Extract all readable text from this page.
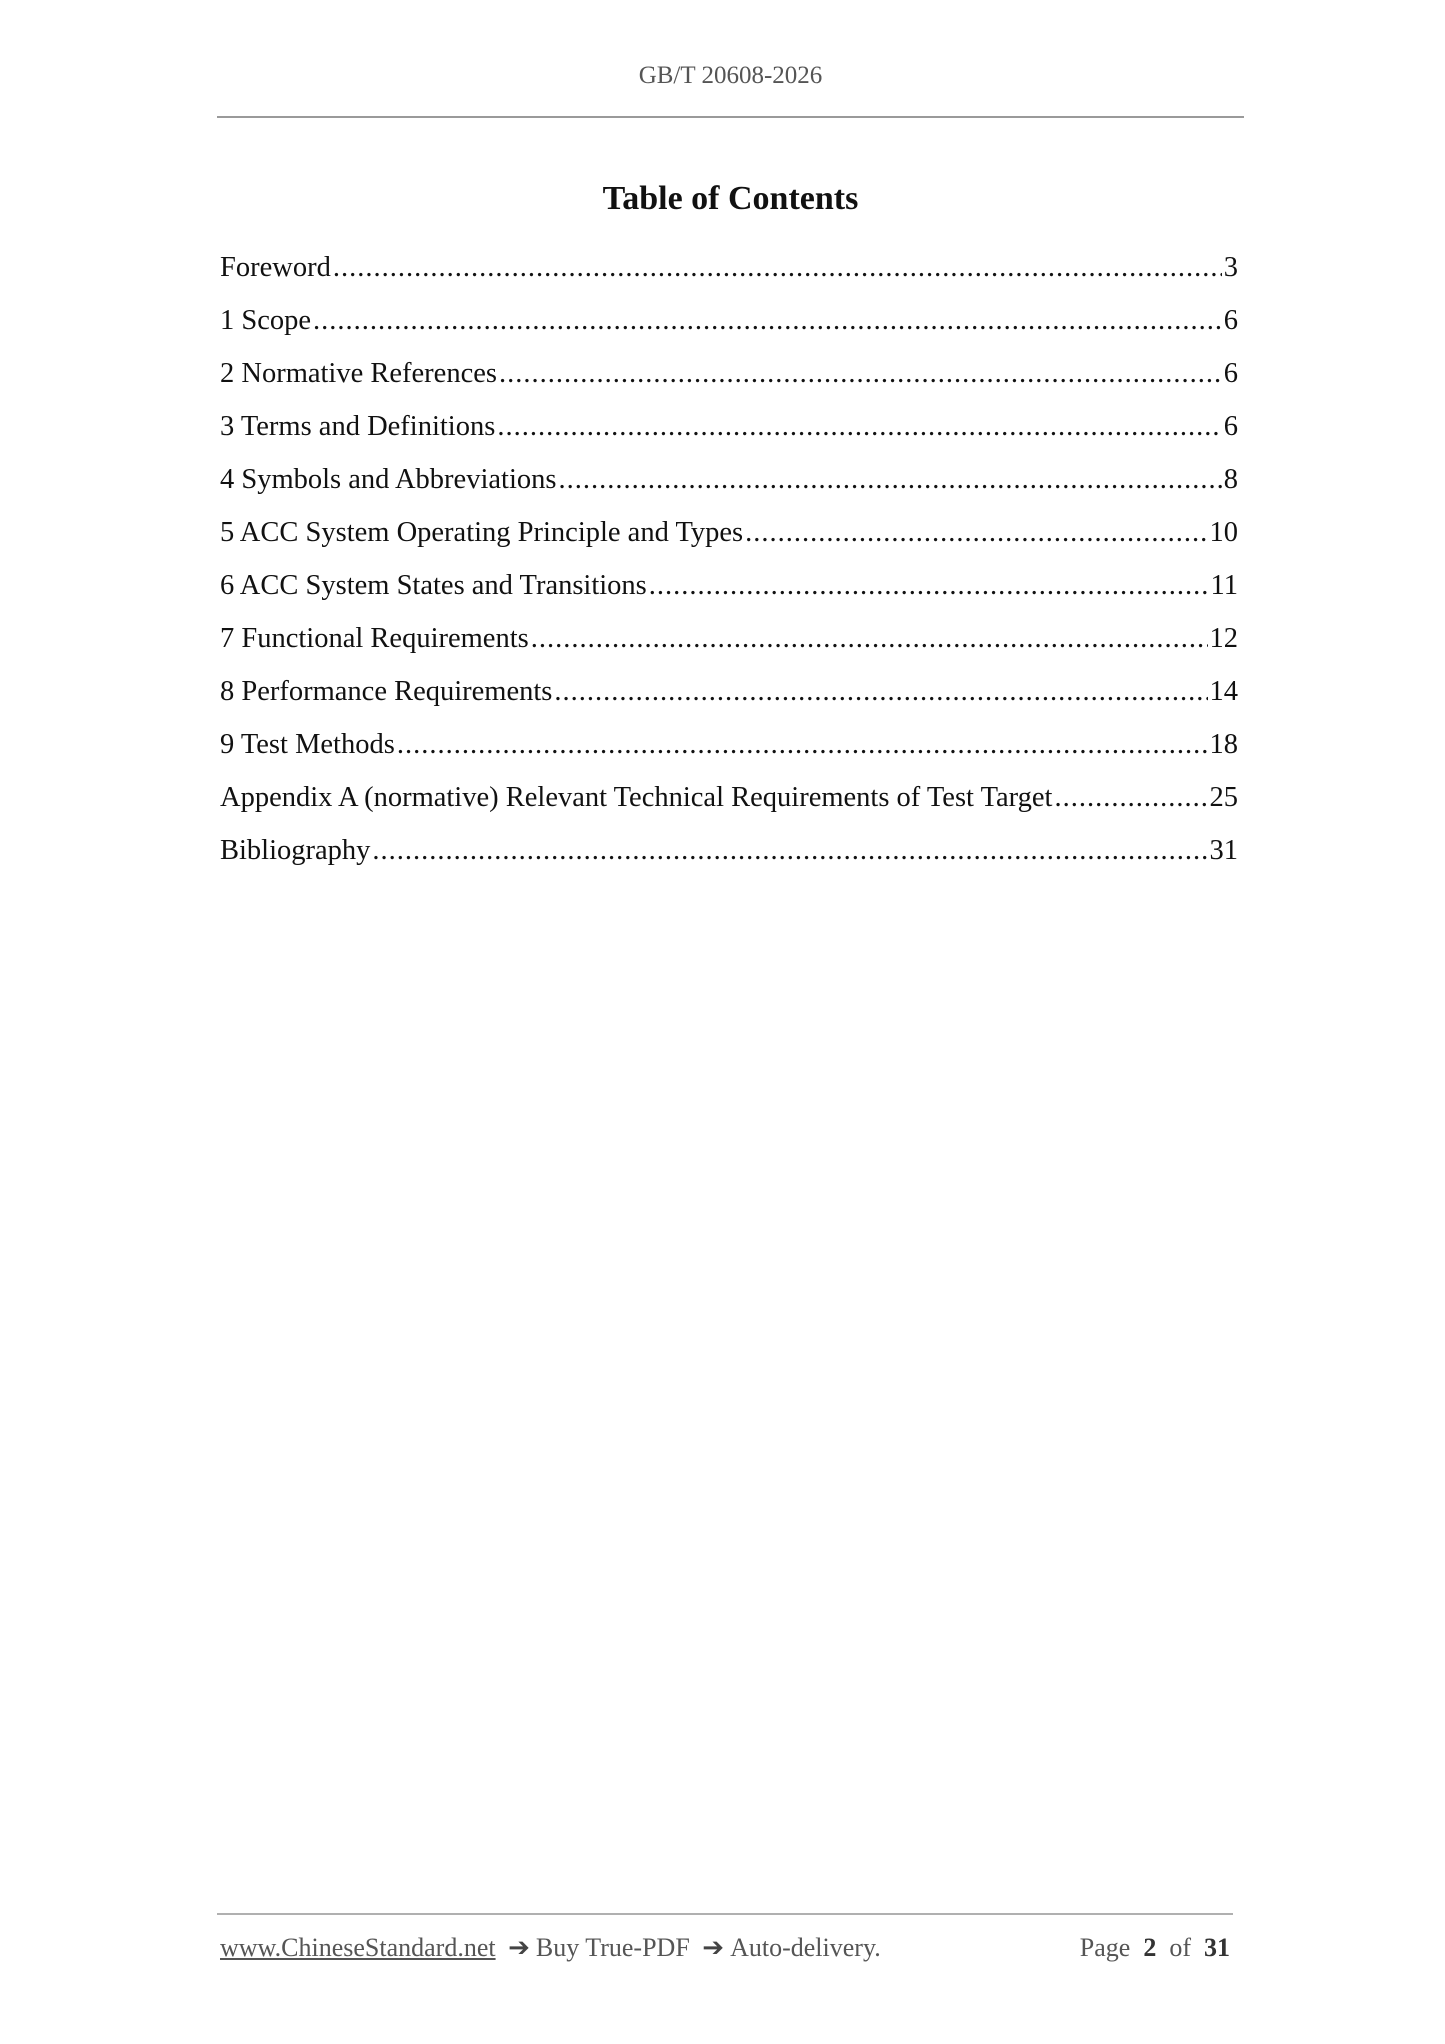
GB/T 20608-2026
Table of Contents
Foreword .....	3
1 Scope .....	6
2 Normative References .....	6
3 Terms and Definitions .....	6
4 Symbols and Abbreviations .....	8
5 ACC System Operating Principle and Types .....	10
6 ACC System States and Transitions .....	11
7 Functional Requirements .....	12
8 Performance Requirements .....	14
9 Test Methods .....	18
Appendix A (normative) Relevant Technical Requirements of Test Target .....	25
Bibliography .....	31
www.ChineseStandard.net ➔ Buy True-PDF ➔ Auto-delivery.	Page 2 of 31
